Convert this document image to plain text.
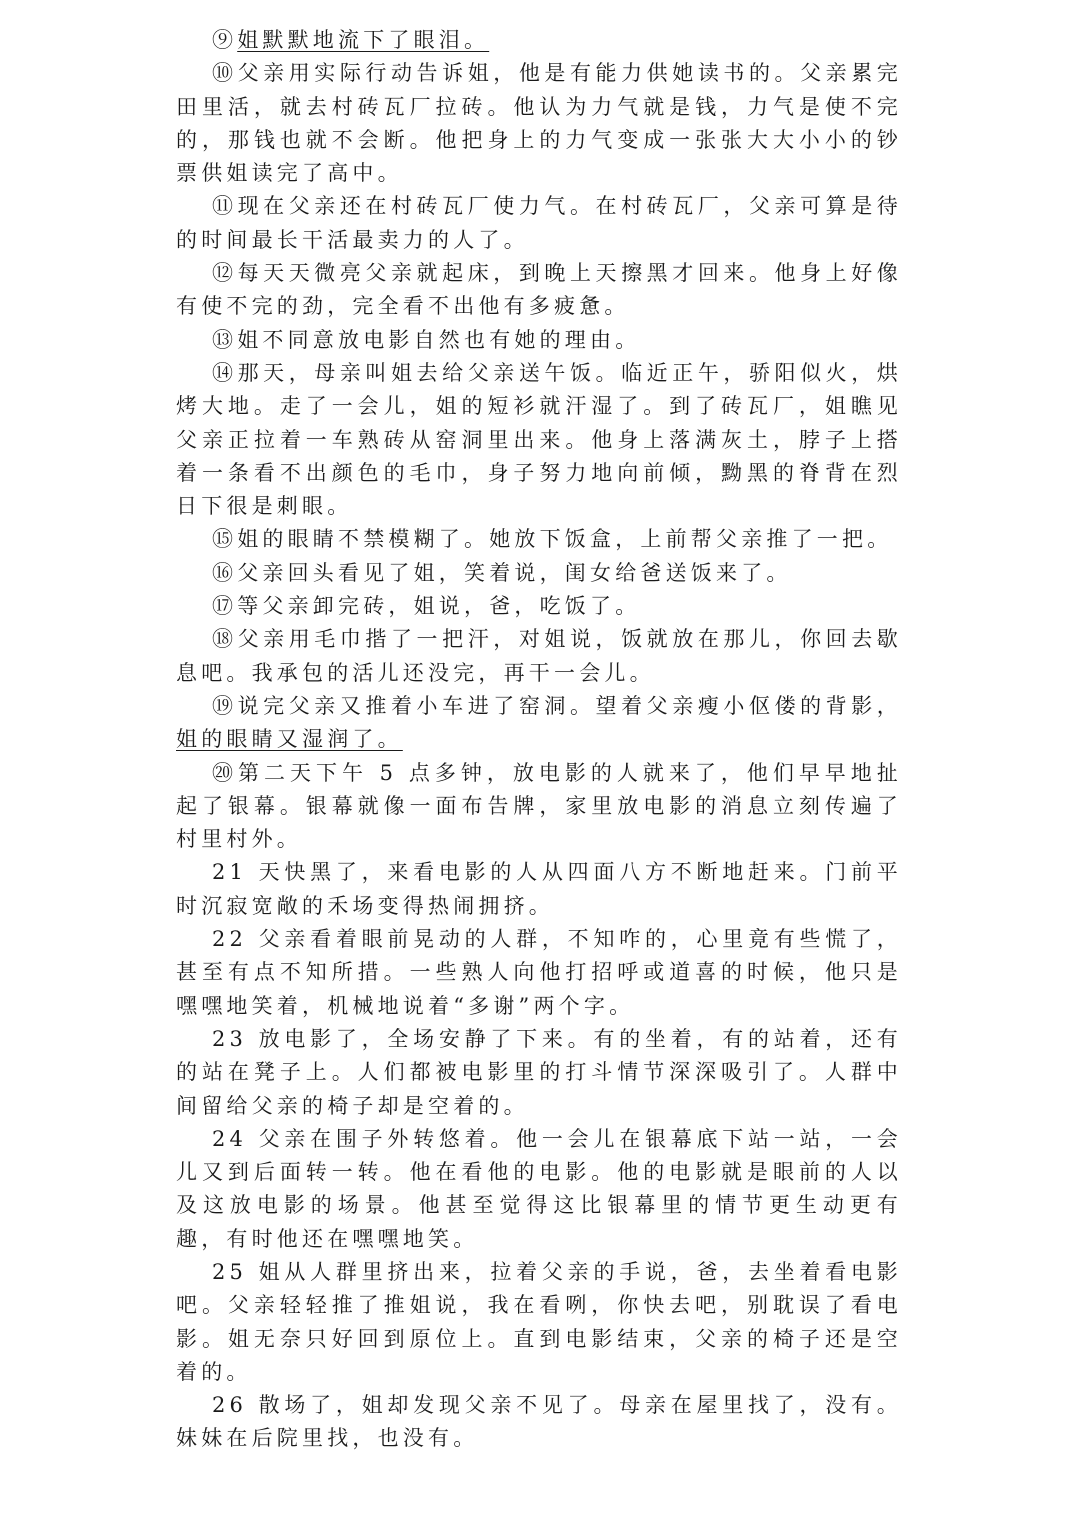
⑨姐默默地流下了眼泪。

⑩父亲用实际行动告诉姐，他是有能力供她读书的。父亲累完田里活，就去村砖瓦厂拉砖。他认为力气就是钱，力气是使不完的，那钱也就不会断。他把身上的力气变成一张张大大小小的钞票供姐读完了高中。

⑪现在父亲还在村砖瓦厂使力气。在村砖瓦厂，父亲可算是待的时间最长干活最卖力的人了。

⑫每天天微亮父亲就起床，到晚上天擦黑才回来。他身上好像有使不完的劲，完全看不出他有多疲惫。

⑬姐不同意放电影自然也有她的理由。

⑭那天，母亲叫姐去给父亲送午饭。临近正午，骄阳似火，烘烤大地。走了一会儿，姐的短衫就汗湿了。到了砖瓦厂，姐瞧见父亲正拉着一车熟砖从窑洞里出来。他身上落满灰土，脖子上搭着一条看不出颜色的毛巾，身子努力地向前倾，黝黑的脊背在烈日下很是刺眼。

⑮姐的眼睛不禁模糊了。她放下饭盒，上前帮父亲推了一把。

⑯父亲回头看见了姐，笑着说，闺女给爸送饭来了。

⑰等父亲卸完砖，姐说，爸，吃饭了。

⑱父亲用毛巾揩了一把汗，对姐说，饭就放在那儿，你回去歇息吧。我承包的活儿还没完，再干一会儿。

⑲说完父亲又推着小车进了窑洞。望着父亲瘦小伛偻的背影，姐的眼睛又湿润了。

⑳第二天下午 5 点多钟，放电影的人就来了，他们早早地扯起了银幕。银幕就像一面布告牌，家里放电影的消息立刻传遍了村里村外。

21 天快黑了，来看电影的人从四面八方不断地赶来。门前平时沉寂宽敞的禾场变得热闹拥挤。

22 父亲看着眼前晃动的人群，不知咋的，心里竟有些慌了，甚至有点不知所措。一些熟人向他打招呼或道喜的时候，他只是嘿嘿地笑着，机械地说着“多谢”两个字。

23 放电影了，全场安静了下来。有的坐着，有的站着，还有的站在凳子上。人们都被电影里的打斗情节深深吸引了。人群中间留给父亲的椅子却是空着的。

24 父亲在围子外转悠着。他一会儿在银幕底下站一站，一会儿又到后面转一转。他在看他的电影。他的电影就是眼前的人以及这放电影的场景。他甚至觉得这比银幕里的情节更生动更有趣，有时他还在嘿嘿地笑。

25 姐从人群里挤出来，拉着父亲的手说，爸，去坐着看电影吧。父亲轻轻推了推姐说，我在看咧，你快去吧，别耽误了看电影。姐无奈只好回到原位上。直到电影结束，父亲的椅子还是空着的。

26 散场了，姐却发现父亲不见了。母亲在屋里找了，没有。妹妹在后院里找，也没有。
